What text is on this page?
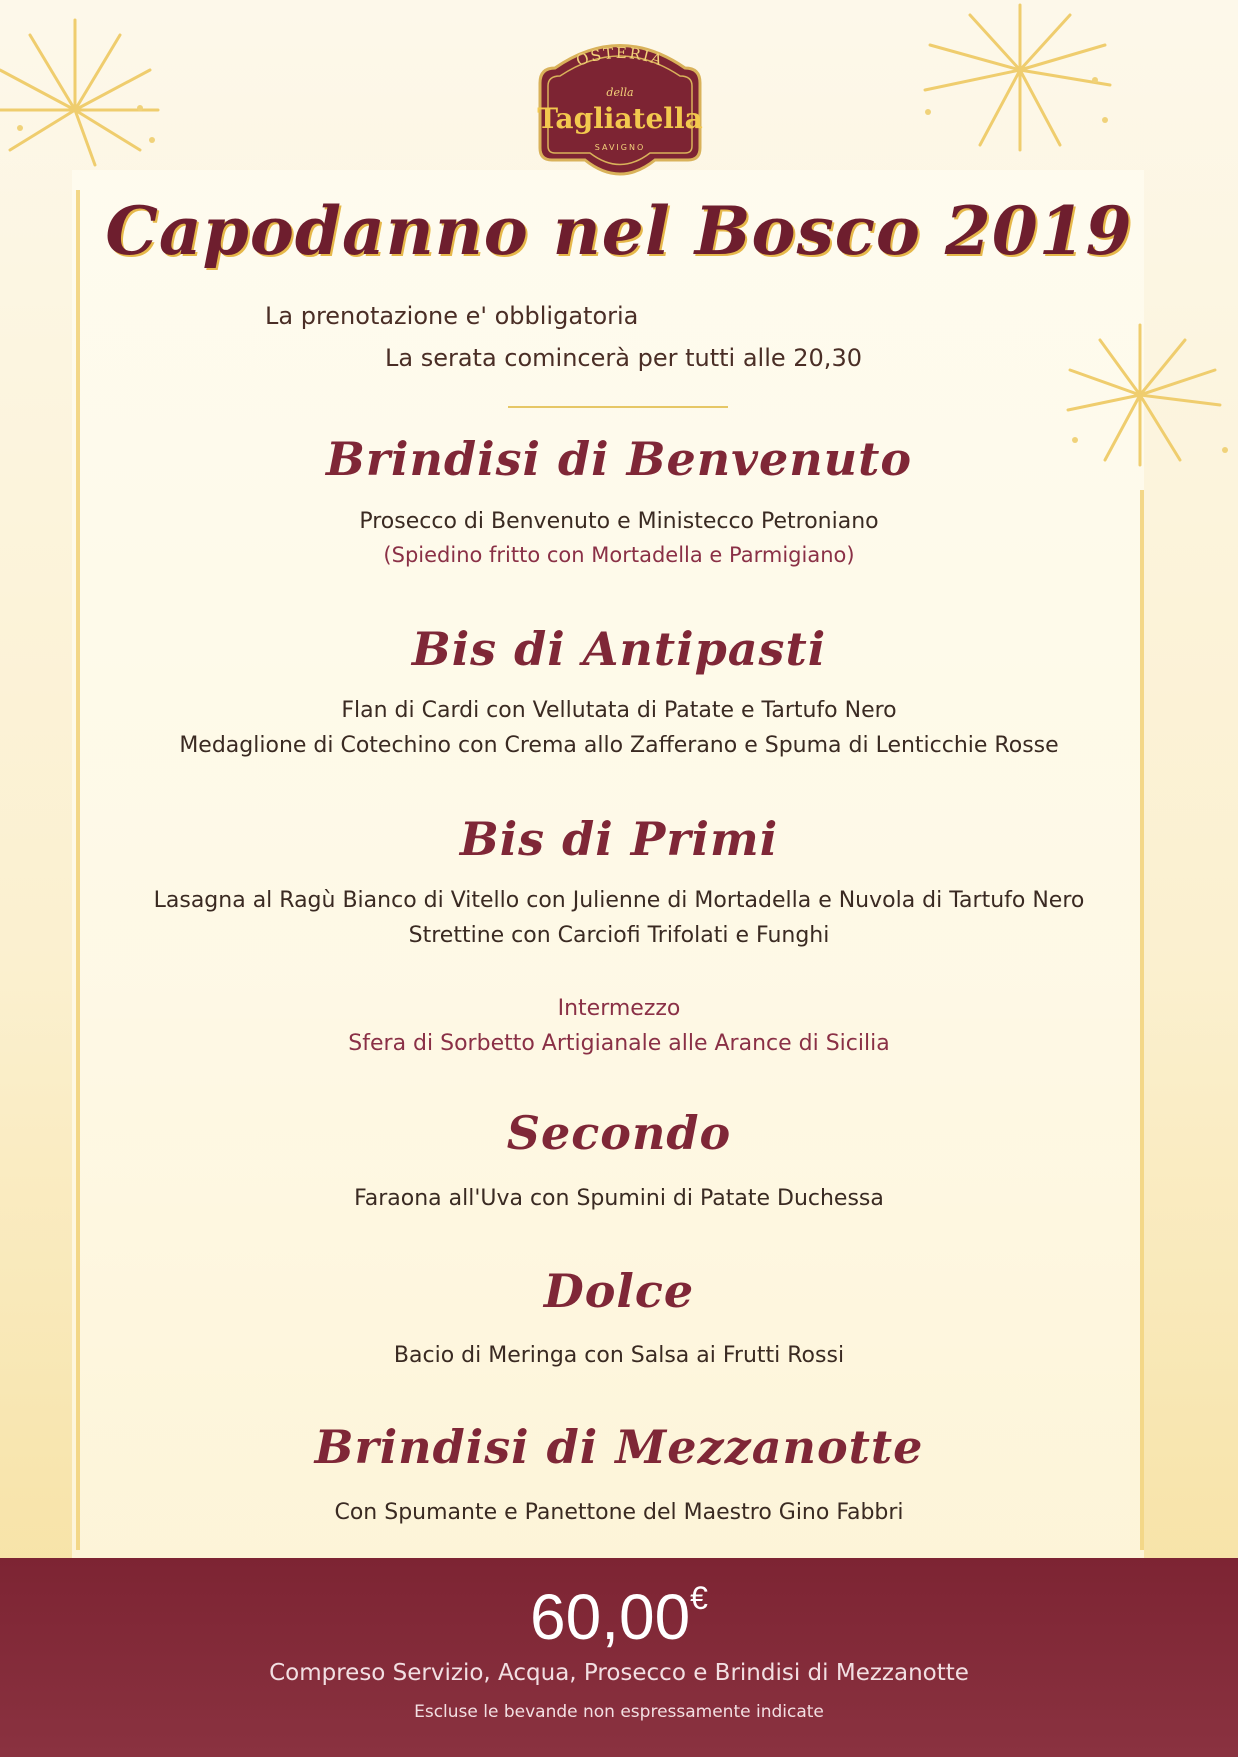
OSTERIA
della
Tagliatella
SAVIGNO
Capodanno nel Bosco 2019

La prenotazione e' obbligatoria

La serata comincerà per tutti alle 20,30

Brindisi di Benvenuto

Prosecco di Benvenuto e Ministecco Petroniano

(Spiedino fritto con Mortadella e Parmigiano)

Bis di Antipasti

Flan di Cardi con Vellutata di Patate e Tartufo Nero

Medaglione di Cotechino con Crema allo Zafferano e Spuma di Lenticchie Rosse

Bis di Primi

Lasagna al Ragù Bianco di Vitello con Julienne di Mortadella e Nuvola di Tartufo Nero

Strettine con Carciofi Trifolati e Funghi

Intermezzo

Sfera di Sorbetto Artigianale alle Arance di Sicilia

Secondo

Faraona all'Uva con Spumini di Patate Duchessa

Dolce

Bacio di Meringa con Salsa ai Frutti Rossi

Brindisi di Mezzanotte

Con Spumante e Panettone del Maestro Gino Fabbri

60,00€

Compreso Servizio, Acqua, Prosecco e Brindisi di Mezzanotte

Escluse le bevande non espressamente indicate
